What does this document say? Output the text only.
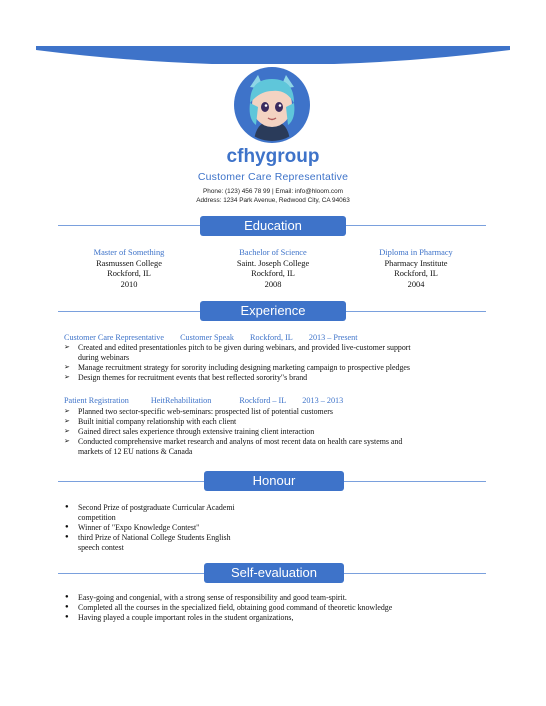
cfhygroup
Customer Care Representative
Phone: (123) 456 78 99 | Email: info@hloom.com
Address: 1234 Park Avenue, Redwood City, CA 94063
Education
Master of Something
Rasmussen College
Rockford, IL
2010
Bachelor of Science
Saint. Joseph College
Rockford, IL
2008
Diploma in Pharmacy
Pharmacy Institute
Rockford, IL
2004
Experience
Customer Care Representative Customer Speak Rockford, IL 2013 – Present
➢ Created and edited presentationles pitch to be given during webinars, and provided live-customer support
during webinars
➢ Manage recruitment strategy for sorority including designing marketing campaign to prospective pledges
➢ Design themes for recruitment events that best reflected sorority"s brand
Patient Registration	HeitRehabilitation	Rockford – IL 2013 – 2013
➢ Planned two sector-specific web-seminars: prospected list of potential customers
➢ Built initial company relationship with each client
➢ Gained direct sales experience through extensive training client interaction
➢ Conducted comprehensive market research and analyns of most recent data on health care systems and
markets of 12 EU nations & Canada
Honour
● Second Prize of postgraduate Curricular Academi
competition
● Winner of "Expo Knowledge Contest"
● third Prize of National College Students English
speech contest
Self-evaluation
● Easy-going and congenial, with a strong sense of responsibility and good team-spirit.
● Completed all the courses in the specialized field, obtaining good command of theoretic knowledge
● Having played a couple important roles in the student organizations,
